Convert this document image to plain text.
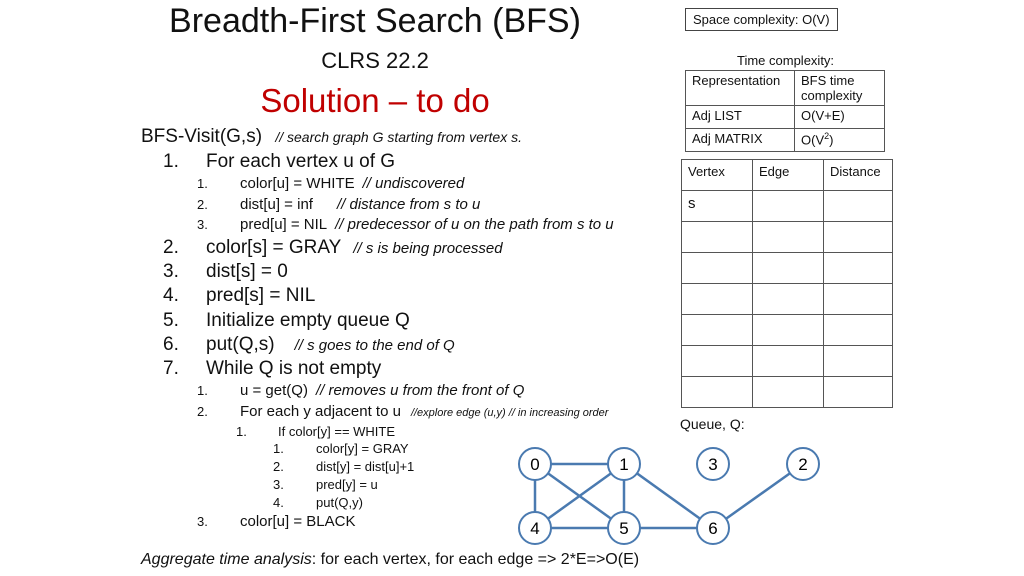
Breadth-First Search (BFS)
CLRS 22.2
Solution – to do
Space complexity: O(V)
Time complexity:
Representation	BFS time complexity
Adj LIST	O(V+E)
Adj MATRIX	$O(V^2)$
Vertex	Edge	Distance
s		

Queue, Q:
BFS-Visit(G,s) // search graph G starting from vertex s.
1. For each vertex u of G
1. color[u] = WHITE // undiscovered
2. dist[u] = inf // distance from s to u
3. pred[u] = NIL // predecessor of u on the path from s to u
2. color[s] = GRAY // s is being processed
3. dist[s] = 0
4. pred[s] = NIL
5. Initialize empty queue Q
6. put(Q,s) // s goes to the end of Q
7. While Q is not empty
1. u = get(Q) // removes u from the front of Q
2. For each y adjacent to u //explore edge (u,y) // in increasing order
1. If color[y] == WHITE
1. color[y] = GRAY
2. dist[y] = dist[u]+1
3. pred[y] = u
4. put(Q,y)
3. color[u] = BLACK
Aggregate time analysis: for each vertex, for each edge => 2*E=>O(E)
0	1	3	2
4	5	6
